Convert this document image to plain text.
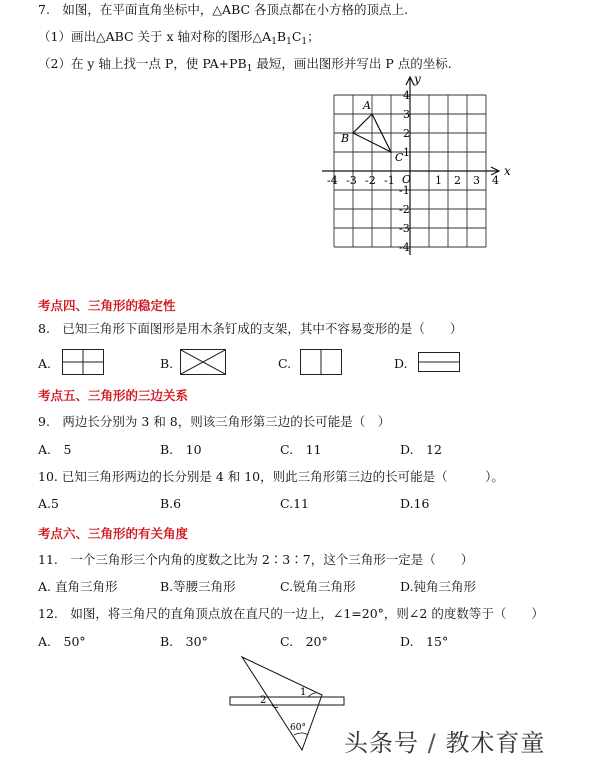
7.　如图，在平面直角坐标中，△ABC 各顶点都在小方格的顶点上.
（1）画出△ABC 关于 x 轴对称的图形$\triangle A_1B_1C_1$；
（2）在 y 轴上找一点 P，使 $PA+PB_1$ 最短，画出图形并写出 P 点的坐标.
x
y
O
-4 -3 -2 -1	1 2 3 4
4
3
2
1
-1
-2
-3
-4
A
B
C
考点四、三角形的稳定性
8.　已知三角形下面图形是用木条钉成的支架，其中不容易变形的是（　　）
A.	B.	C.	D.
考点五、三角形的三边关系
9.　两边长分别为 3 和 8，则该三角形第三边的长可能是（　）
A.　5	B.　10	C.　11	D.　12
10. 已知三角形两边的长分别是 4 和 10，则此三角形第三边的长可能是（　　　）。
A.5	B.6	C.11	D.16
考点六、三角形的有关角度
11.　一个三角形三个内角的度数之比为 2∶3∶7，这个三角形一定是（　　）
A. 直角三角形	B.等腰三角形	C.锐角三角形	D.钝角三角形
12.　如图，将三角尺的直角顶点放在直尺的一边上，∠1=20°，则∠2 的度数等于（　　）
A.　50°	B.　30°	C.　20°	D.　15°
1
2
60°
头条号 / 教术育童
